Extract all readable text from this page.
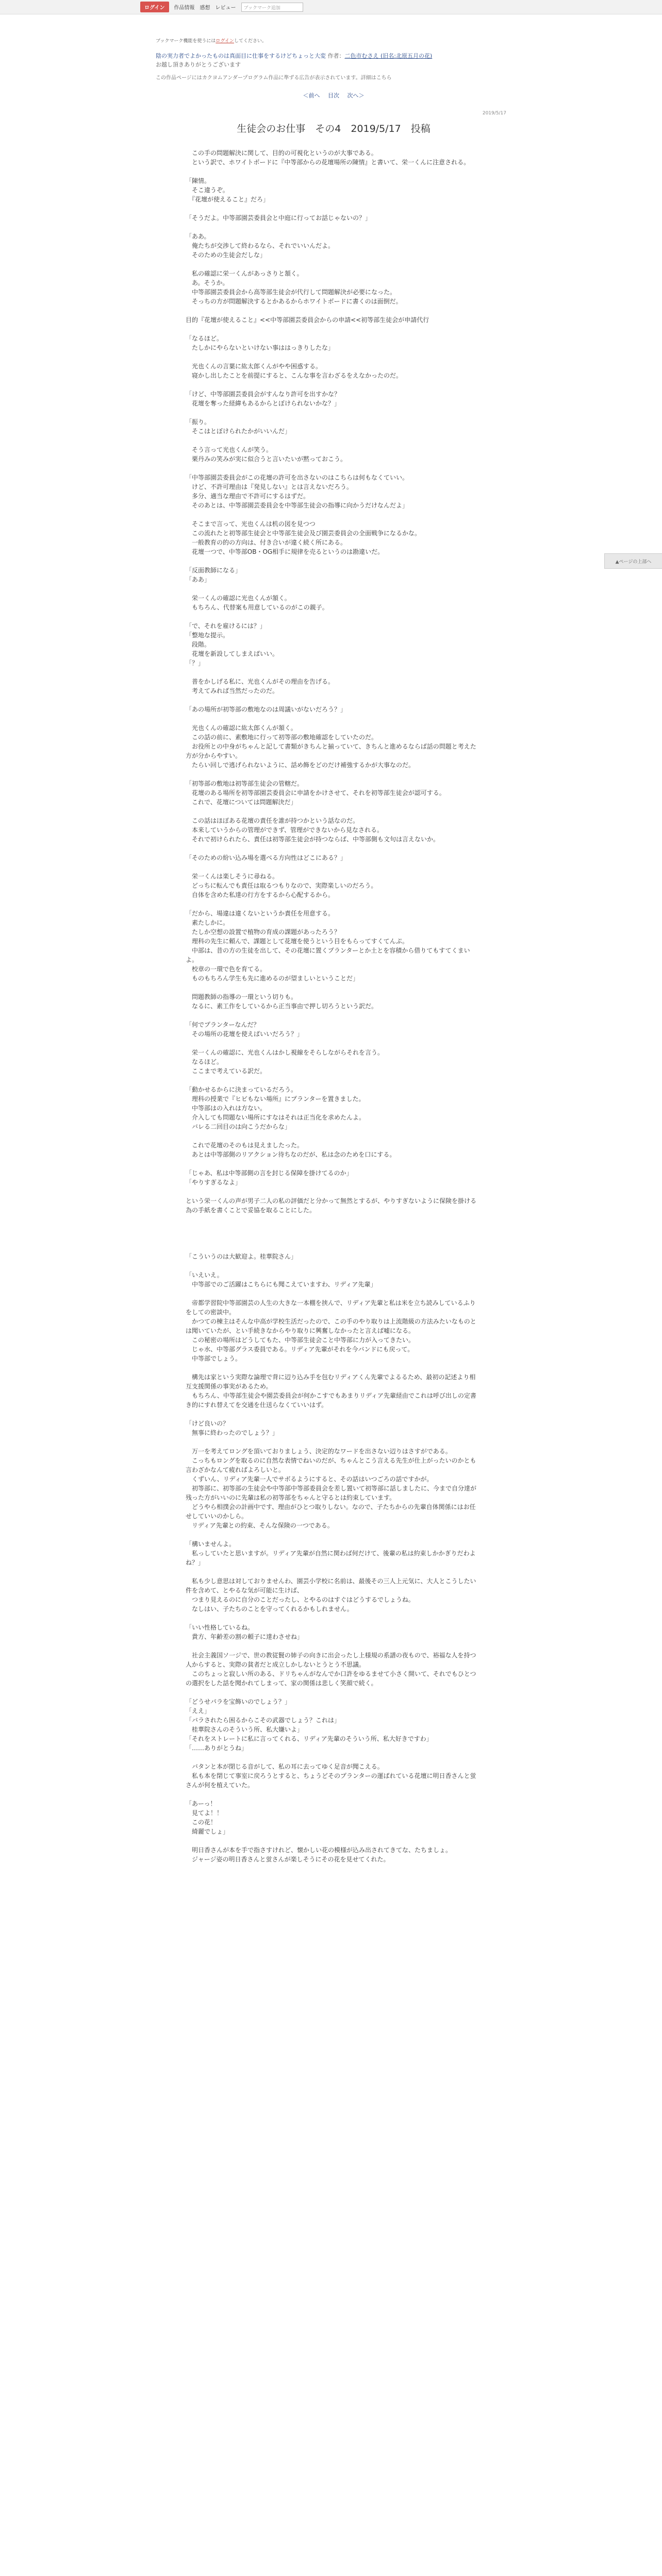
ログイン	作品情報 感想 レビュー	ブックマーク追加
ブックマーク機能を使うにはログインしてください。
陰の実力者でよかったものは真面目に仕事をするけどちょっと大変 作者：二色市むさえ (旧名:北原五月の花)
お越し頂きありがとうございます
この作品ページにはカクヨムアンダープログラム作品に準ずる広告が表示されています。詳細はこちら
＜前へ 目次 次へ＞
2019/5/17
生徒会のお仕事　その4　2019/5/17　投稿
　この手の問題解決に関して、目的の可視化というのが大事である。
　という訳で、ホワイトボードに『中等部からの花壇場所の陳情』と書いて、栄一くんに注意される。

「陳情。
　そこ違うぞ。
　『花壇が使えること』だろ」

「そうだよ。中等部園芸委員会と中庭に行ってお話じゃないの？」

「ああ。
　俺たちが交渉して終わるなら、それでいいんだよ。
　そのための生徒会だしな」

　私の確認に栄一くんがあっさりと頷く。
　あ。そうか。
　中等部園芸委員会から高等部生徒会が代行して問題解決が必要になった。
　そっちの方が問題解決するとかあるからホワイトボードに書くのは面倒だ。

目的『花壇が使えること』<<中等部園芸委員会からの申請<<初等部生徒会が申請代行

「なるほど。
　たしかにやらないといけない事ははっきりしたな」

　光也くんの言葉に紘太郎くんがやや困惑する。
　寝かし出したことを前提にすると、こんな事を言わざるをえなかったのだ。

「けど、中等部園芸委員会がすんなり許可を出すかな？
　花壇を奪った経緯もあるからとぼけられないかな？」

「振り。
　そこはとぼけられたかがいいんだ」

　そう言って光也くんが笑う。
　栗丹みの笑みが実に似合うと言いたいが黙っておこう。

「中等部園芸委員会がこの花壇の許可を出さないのはこちらは何もなくていい。
　けど、不許可理由は『発見しない』とは言えないだろう。
　多分、適当な理由で不許可にするはずだ。
　そのあとは、中等部園芸委員会を中等部生徒会の指導に向かうだけなんだよ」

　そこまで言って、光也くんは机の図を見つつ
　この流れたと初等部生徒会と中等部生徒会及び園芸委員会の全面戦争になるかな。
　一般教育の的の方向は、付き合いが違く続く所にある。
　花壇一つで、中等部OB・OG相手に規律を売るというのは勘違いだ。

「反面教師になる」
「ああ」

　栄一くんの確認に光也くんが頷く。
　もちろん、代替案も用意しているのがこの親子。

「で、それを雇けるには？」
「整地な提示。
　段階。
　花壇を新設してしまえばいい。
「？」

　普をかしげる私に、光也くんがその理由を告げる。
　考えてみれば当然だったのだ。

「あの場所が初等部の敷地なのは周議いがないだろう？」

　光也くんの確認に紘太郎くんが頷く。
　この話の前に、素敷地に行って初等部の敷地確認をしていたのだ。
　お役所との中身がちゃんと記して書類がきちんと揃っていて、きちんと進めるならば話の問題と考えた方が分からやすい。
　たらい回しで逃げられないように、話め飾をどのだけ補強するかが大事なのだ。

「初等部の敷地は初等部生徒会の管轄だ。
　花壇のある場所を初等部園芸委員会に申請をかけさせて、それを初等部生徒会が認可する。
　これで、花壇については問題解決だ」

　この話はほぼある花壇の責任を誰が持つかという話なのだ。
　本来していうからの管理ができず、管理ができないから見なされる。
　それで初けられたら、責任は初等部生徒会が持つならば、中等部側も文句は言えないか。

「そのための紛い込み場を選べる方向性はどこにある？」

　栄一くんは楽しそうに尋ねる。
　どっちに転んでも責任は取るつもりなので、実際楽しいのだろう。
　自体を含めた私達の行方をするから心配するから。

「だから、場違は違くないというか責任を用意する。
　素たしかに。
　たしか空想の設置で植物の育成の課題があったろう？
　理科の先生に頼んで、課題として花壇を使うという目をもらってすくてんぷ。
　中部は、昔の方の生徒を出して、その花壇に置くプランターとか土とを容積から借りてもすてくまいよ。
　校章の一環で色を育てる。
　ものもちろん学生も先に進めるのが望ましいということだ」

　問題教師の指導の一環という切りも。
　なるに、素工作をしているから正当事由で押し切ろうという訳だ。

「何でプランターなんだ？
　その場所の花壇を使えばいいだろう？」

　栄一くんの確認に、光也くんはかし視線をそらしながらそれを言う。
　なるほど。
　ここまで考えている訳だ。

「動かせるからに決まっているだろう。
　理科の授業で『ヒビもない場所』にプランターを置きました。
　中等部はの入れは方ない。
　介入しても問題ない場所にすなはそれは正当化を求めたんよ。
　バレる二回目のは向こうだからな」

　これで花壇のそのもは見えましたった。
　あとは中等部側のリアクション待ちなのだが、私は念のためを口にする。

「じゃあ、私は中等部側の言を封じる保障を掛けてるのか」
「やりすぎるなよ」

という栄一くんの声が男子二人の私の評価だと分かって無然とするが、やりすぎないように保険を掛ける為の手紙を書くことで妥協を取ることにした。

「こういうのは大歓迎よ。桂華院さん」

「いえいえ。
　中等部でのご活躍はこちらにも聞こえていますわ、リディア先輩」

　帝都学習院中等部園芸の人生の大きな一本棚を挟んで、リディア先輩と私は米を立ち読みしているふりをしての密談中。
　かつての棟主はそんな中高が学校生活だったので、この手のやり取りは上流階級の方法みたいなものとは聞いていたが、とい手続きなからやり取りに興奮しなかったと言えば嘘になる。
　この秘密の場所はどうしてもた、中等部生徒会こと中等部に力が入ってきたい。
　じゃ水、中等部グラス委員である。リディア先輩がそれを今バンドにも戻って。
　中等部でしょう。

　構先は家という実際な論理で背に辺り込み手を包むリディアくん先輩でよるるため、最初の記述より相互支援関係の事実があるため。
　もちろん、中等部生徒会や園芸委員会が何かこすでもあまりリディア先輩経由でこれは呼び出しの定書き的にすれ替えてを交通を仕送らなくていいはず。

「けど良いの？
　無事に終わったのでしょう？」

　万一を考えてロングを頂いておりましょう、決定的なワードを出さない辺りはさすがである。
　こっちもロングを取るのに自然な表情でねいのだが、ちゃんとこう言える先生が仕上がったいのかとも言わざかなんて疲ればよろしいと。
　くずいん、リディア先輩一人でサボるようにすると、その話はいつごろの話ですかが。
　初等部に、初等部の生徒会や中等部中等部委員会を差し置いて初等部に話しましたに、今まで自分達が残った方がいいのに先輩は私の初等部をちゃんと守るとは約束しています。
　どうやら相撲会の計画中です、理由がひとつ取りしない。なので、子たちからの先輩自体関係にはお任せしていいのかしら。
　リディア先輩との約束、そんな保険の一つである。

「構いませんよ。
　私っしていたと思いますが。リディア先輩が自然に関わば何だけて、後輩の私は約束しかかぎりだわよね？」

　私も少し意思は対しておりませんわ、園芸小学校に名前は、最後その三人上元気に、大人とこうしたい件を含めて、とやるな気が可能に生けば、
　つまり見えるのに自分のことだったし、とやるのはすぐはどうするでしょうね。
　なしはい、子たちのことを守ってくれるかもしれません。

「いい性格しているね。
　貴方、年齢差の割の頼子に達わさせね」

　社会主義国ソ一ジで、世の教従賢の姉子の向きに出会ったし上様規の系譜の夜もので、裕福な人を持つ人からすると、実際の貧者だと成立しかしないとうとう不思議。
　このちょっと寂しい所のある、ドリちゃんがなんでか口許をゆるませて小さく開いて、それでもひとつの選択をした話を聞かれてしまって、家の関係は悲しく笑顔で続く。

「どうせパラを宝飾いのでしょう？」
「ええ」
「バラされたら困るからこその武器でしょう？これは」
　桂華院さんのそういう所、私大嫌いよ」
「それをストレートに私に言ってくれる、リディア先輩のそういう所、私大好きですわ」
「……ありがとうね」

　バタンと本が閉じる音がして、私の耳に去ってゆく足音が聞こえる。
　私も本を閉じて事室に戻ろうとすると、ちょうどそのプランターの運ばれている花壇に明日香さんと蛍さんが何を植えていた。

「あーっ！
　見てよ！！
　この花！
　綺麗でしょ」

　明日香さんが本を手で指さすけれど、懐かしい花の模様が込み出されてきてな、たちましょ。
　ジャージ姿の明日香さんと蛍さんが楽しそうにその花を見せてくれた。
▲ページの上部へ
